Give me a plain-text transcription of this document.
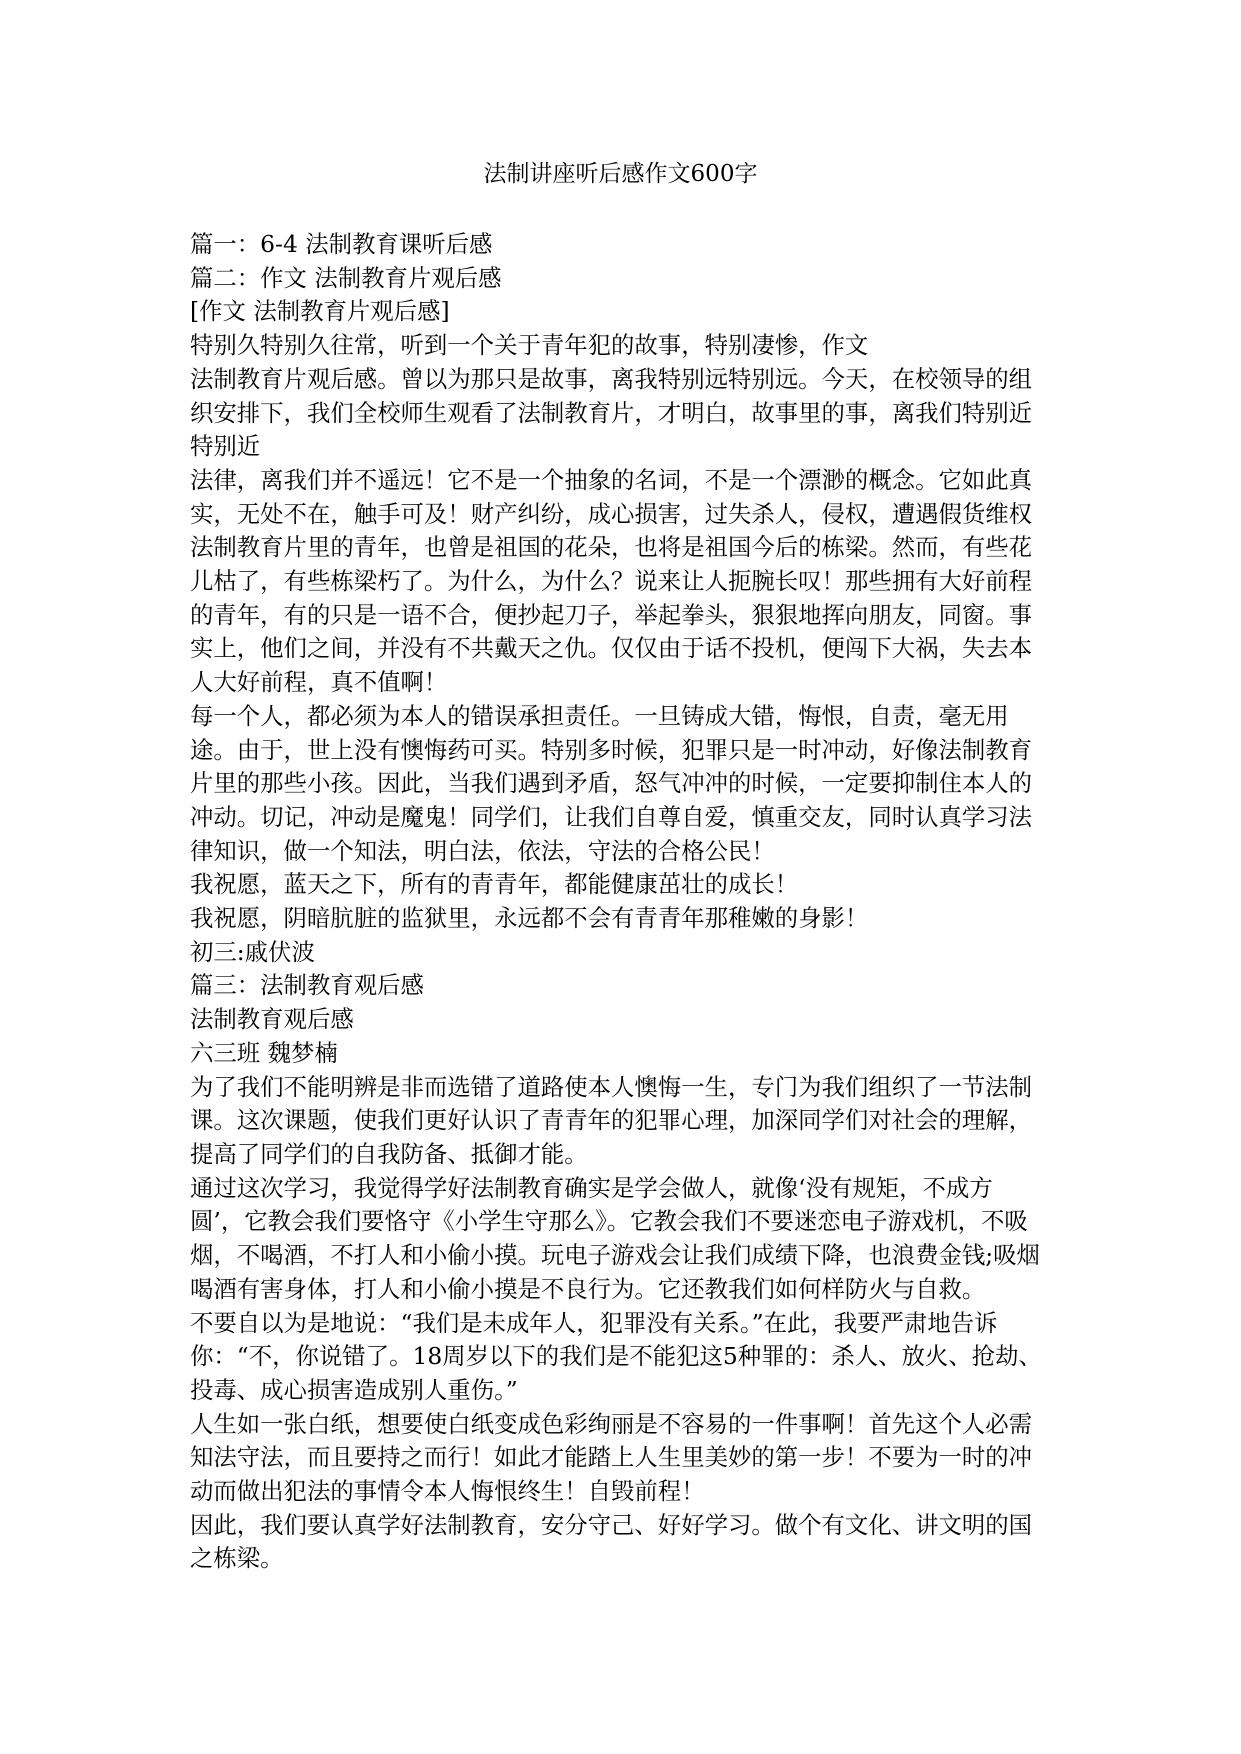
法制讲座听后感作文600字

篇一：6-4 法制教育课听后感

篇二：作文 法制教育片观后感

[作文 法制教育片观后感]

特别久特别久往常，听到一个关于青年犯的故事，特别凄惨，作文

法制教育片观后感。曾以为那只是故事，离我特别远特别远。今天，在校领导的组织安排下，我们全校师生观看了法制教育片，才明白，故事里的事，离我们特别近特别近

法律，离我们并不遥远！它不是一个抽象的名词，不是一个漂渺的概念。它如此真实，无处不在，触手可及！财产纠纷，成心损害，过失杀人，侵权，遭遇假货维权

法制教育片里的青年，也曾是祖国的花朵，也将是祖国今后的栋梁。然而，有些花儿枯了，有些栋梁朽了。为什么，为什么？说来让人扼腕长叹！那些拥有大好前程的青年，有的只是一语不合，便抄起刀子，举起拳头，狠狠地挥向朋友，同窗。事实上，他们之间，并没有不共戴天之仇。仅仅由于话不投机，便闯下大祸，失去本人大好前程，真不值啊！

每一个人，都必须为本人的错误承担责任。一旦铸成大错，悔恨，自责，毫无用途。由于，世上没有懊悔药可买。特别多时候，犯罪只是一时冲动，好像法制教育片里的那些小孩。因此，当我们遇到矛盾，怒气冲冲的时候，一定要抑制住本人的冲动。切记，冲动是魔鬼！同学们，让我们自尊自爱，慎重交友，同时认真学习法律知识，做一个知法，明白法，依法，守法的合格公民！

我祝愿，蓝天之下，所有的青青年，都能健康茁壮的成长！

我祝愿，阴暗肮脏的监狱里，永远都不会有青青年那稚嫩的身影！

初三:戚伏波

篇三：法制教育观后感

法制教育观后感

六三班 魏梦楠

为了我们不能明辨是非而选错了道路使本人懊悔一生，专门为我们组织了一节法制课。这次课题，使我们更好认识了青青年的犯罪心理，加深同学们对社会的理解，提高了同学们的自我防备、抵御才能。

通过这次学习，我觉得学好法制教育确实是学会做人，就像‘没有规矩，不成方圆’，它教会我们要恪守《小学生守那么》。它教会我们不要迷恋电子游戏机，不吸烟，不喝酒，不打人和小偷小摸。玩电子游戏会让我们成绩下降，也浪费金钱;吸烟喝酒有害身体，打人和小偷小摸是不良行为。它还教我们如何样防火与自救。

不要自以为是地说：“我们是未成年人，犯罪没有关系。”在此，我要严肃地告诉你：“不，你说错了。18周岁以下的我们是不能犯这5种罪的：杀人、放火、抢劫、投毒、成心损害造成别人重伤。”

人生如一张白纸，想要使白纸变成色彩绚丽是不容易的一件事啊！首先这个人必需知法守法，而且要持之而行！如此才能踏上人生里美妙的第一步！不要为一时的冲动而做出犯法的事情令本人悔恨终生！自毁前程！

因此，我们要认真学好法制教育，安分守己、好好学习。做个有文化、讲文明的国之栋梁。
